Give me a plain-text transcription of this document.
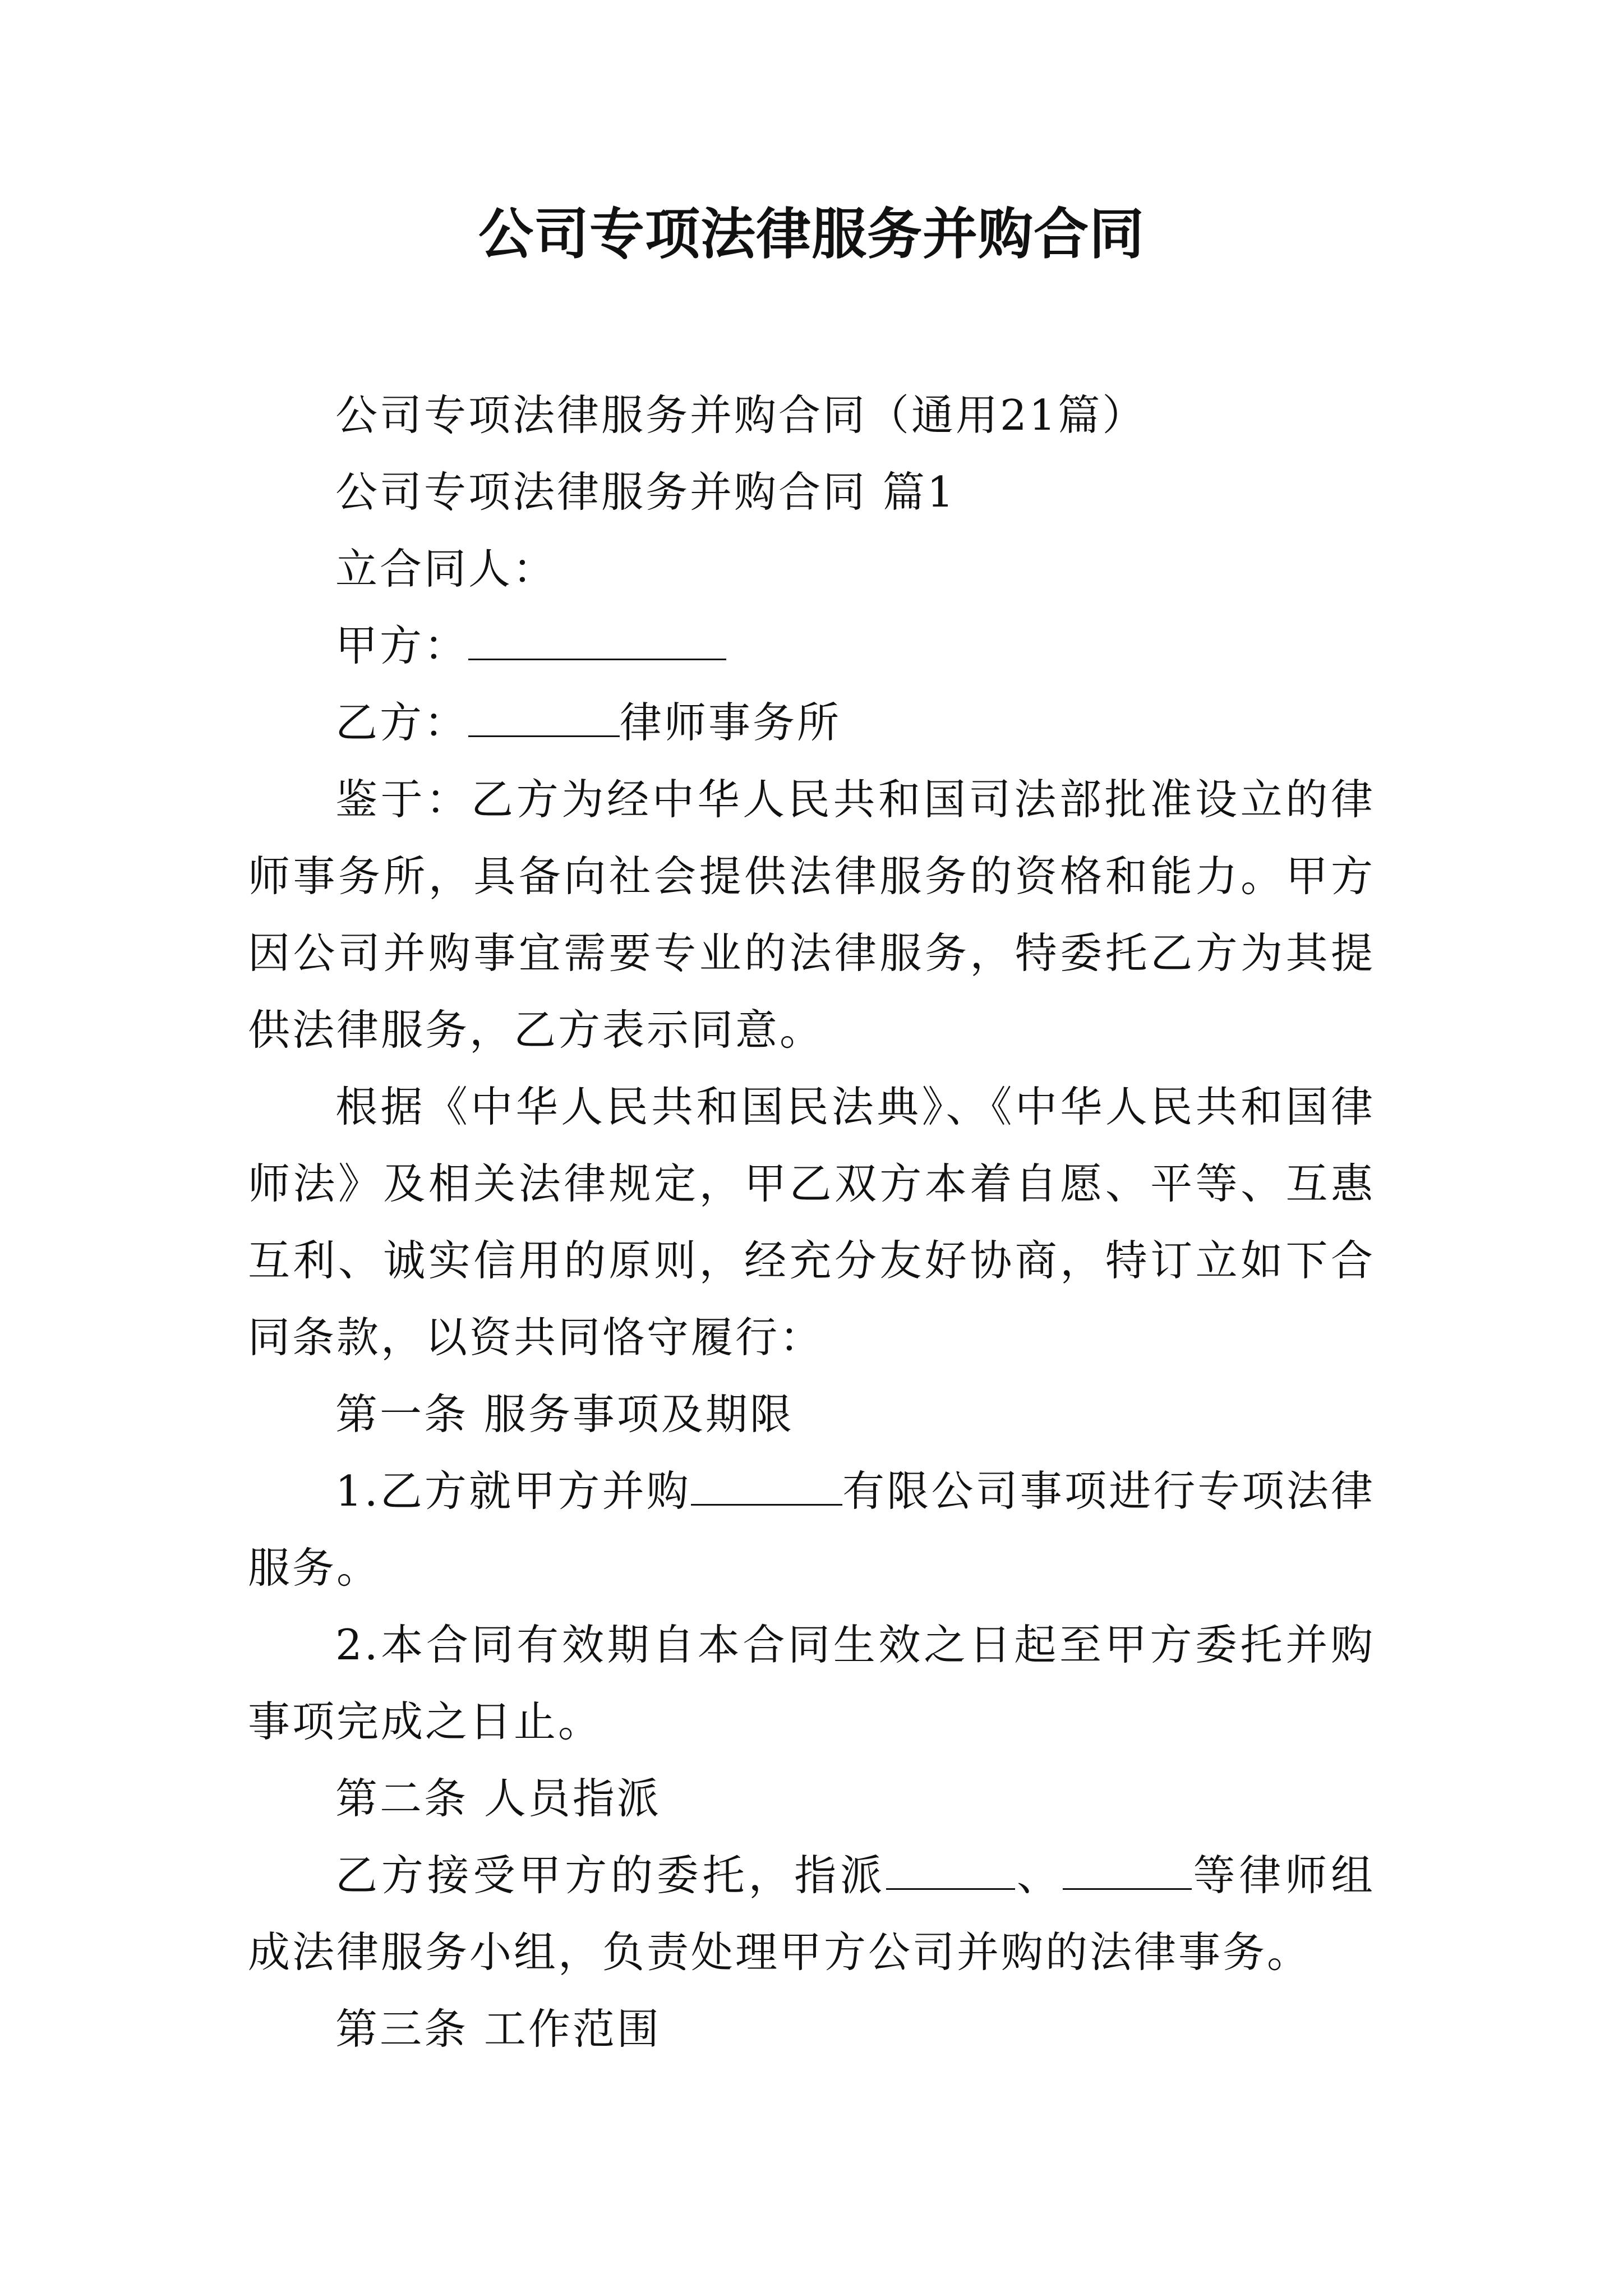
公司专项法律服务并购合同

公司专项法律服务并购合同（通用21篇）

公司专项法律服务并购合同 篇1

立合同人：

甲方：

乙方：	律师事务所

鉴于：乙方为经中华人民共和国司法部批准设立的律师事务所，具备向社会提供法律服务的资格和能力。甲方因公司并购事宜需要专业的法律服务，特委托乙方为其提供法律服务，乙方表示同意。

根据《中华人民共和国民法典》、《中华人民共和国律师法》及相关法律规定，甲乙双方本着自愿、平等、互惠互利、诚实信用的原则，经充分友好协商，特订立如下合同条款，以资共同恪守履行：

第一条 服务事项及期限

1.乙方就甲方并购	有限公司事项进行专项法律服务。

2.本合同有效期自本合同生效之日起至甲方委托并购事项完成之日止。

第二条 人员指派

乙方接受甲方的委托，指派	、	等律师组成法律服务小组，负责处理甲方公司并购的法律事务。

第三条 工作范围
